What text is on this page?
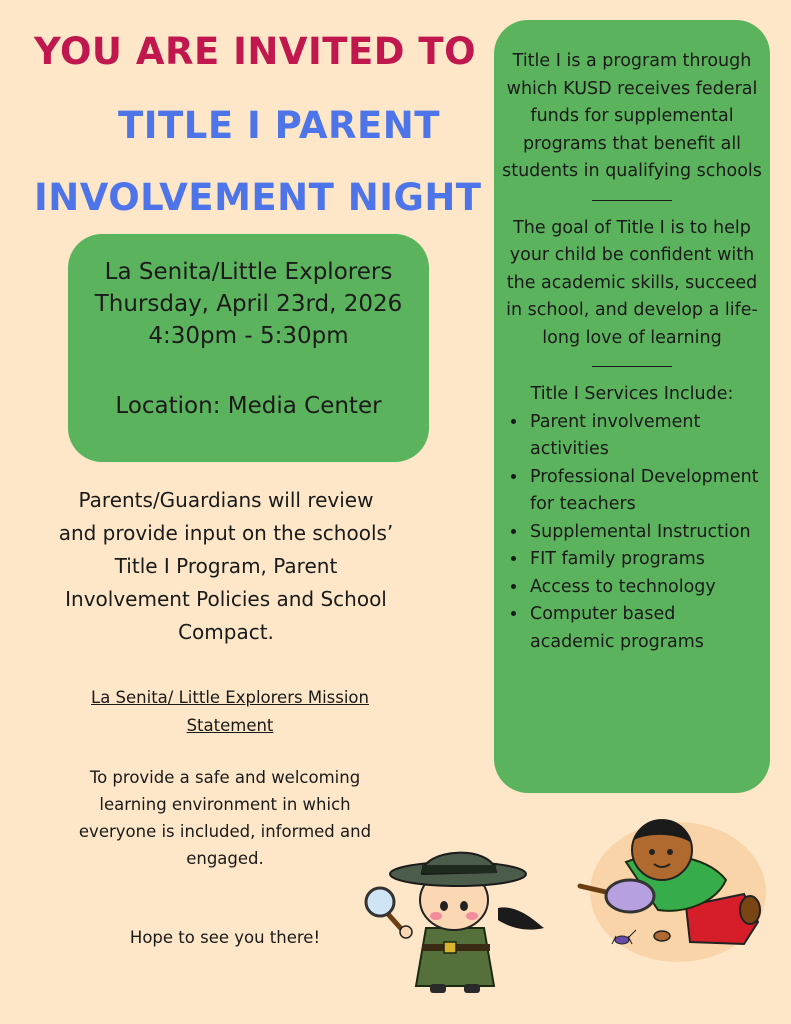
YOU ARE INVITED TO
TITLE I PARENT
INVOLVEMENT NIGHT
La Senita/Little Explorers
Thursday, April 23rd, 2026
4:30pm - 5:30pm
Location: Media Center

Parents/Guardians will review and provide input on the schools’ Title I Program, Parent Involvement Policies and School Compact.

La Senita/ Little Explorers Mission Statement

To provide a safe and welcoming learning environment in which everyone is included, informed and engaged.

Hope to see you there!

Title I is a program through which KUSD receives federal funds for supplemental programs that benefit all students in qualifying schools

The goal of Title I is to help your child be confident with the academic skills, succeed in school, and develop a life-long love of learning

Title I Services Include:

• Parent involvement activities
• Professional Development for teachers
• Supplemental Instruction
• FIT family programs
• Access to technology
• Computer based academic programs
